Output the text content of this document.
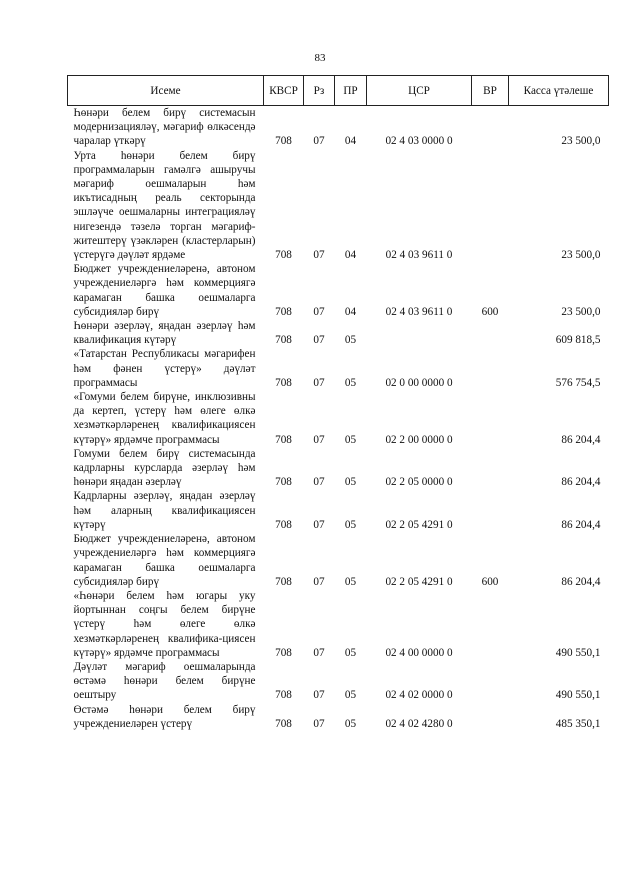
83
Исеме	КВСР	Рз	ПР	ЦСР	ВР	Касса үтәлеше
Һөнәри белем бирү системасын модернизацияләү, мәгариф өлкәсендә чаралар үткәрү	708	07	04	02 4 03 0000 0		23 500,0
Урта һөнәри белем бирү программаларын гамәлгә ашыручы мәгариф оешмаларын һәм икътисадның реаль секторында эшләүче оешмаларны интеграцияләү нигезендә тәзелә торган мәгариф-житештерү үзәкләрен (кластерларын) үстерүгә дәүләт ярдәме	708	07	04	02 4 03 9611 0		23 500,0
Бюджет учреждениеләренә, автоном учреждениеләргә һәм коммерциягә карамаган башка оешмаларга субсидияләр бирү	708	07	04	02 4 03 9611 0	600	23 500,0
Һөнәри әзерләү, яңадан әзерләү һәм квалификация күтәрү	708	07	05			609 818,5
«Татарстан Республикасы мәгарифен һәм фәнен үстерү» дәүләт программасы	708	07	05	02 0 00 0000 0		576 754,5
«Гомуми белем бирүне, инклюзивны да кертеп, үстерү һәм өлеге өлкә хезмәткәрләренең квалификациясен күтәрү» ярдәмче программасы	708	07	05	02 2 00 0000 0		86 204,4
Гомуми белем бирү системасында кадрларны курсларда әзерләү һәм һөнәри яңадан әзерләү	708	07	05	02 2 05 0000 0		86 204,4
Кадрларны әзерләү, яңадан әзерләү һәм аларның квалификациясен күтәрү	708	07	05	02 2 05 4291 0		86 204,4
Бюджет учреждениеләренә, автоном учреждениеләргә һәм коммерциягә карамаган башка оешмаларга субсидияләр бирү	708	07	05	02 2 05 4291 0	600	86 204,4
«Һөнәри белем һәм югары уку йортыннан соңгы белем бирүне үстерү һәм өлеге өлкә хезмәткәрләренең квалифика-циясен күтәрү» ярдәмче программасы	708	07	05	02 4 00 0000 0		490 550,1
Дәүләт мәгариф оешмаларында өстәмә һөнәри белем бирүне оештыру	708	07	05	02 4 02 0000 0		490 550,1
Өстәмә һөнәри белем бирү учреждениеләрен үстерү	708	07	05	02 4 02 4280 0		485 350,1
